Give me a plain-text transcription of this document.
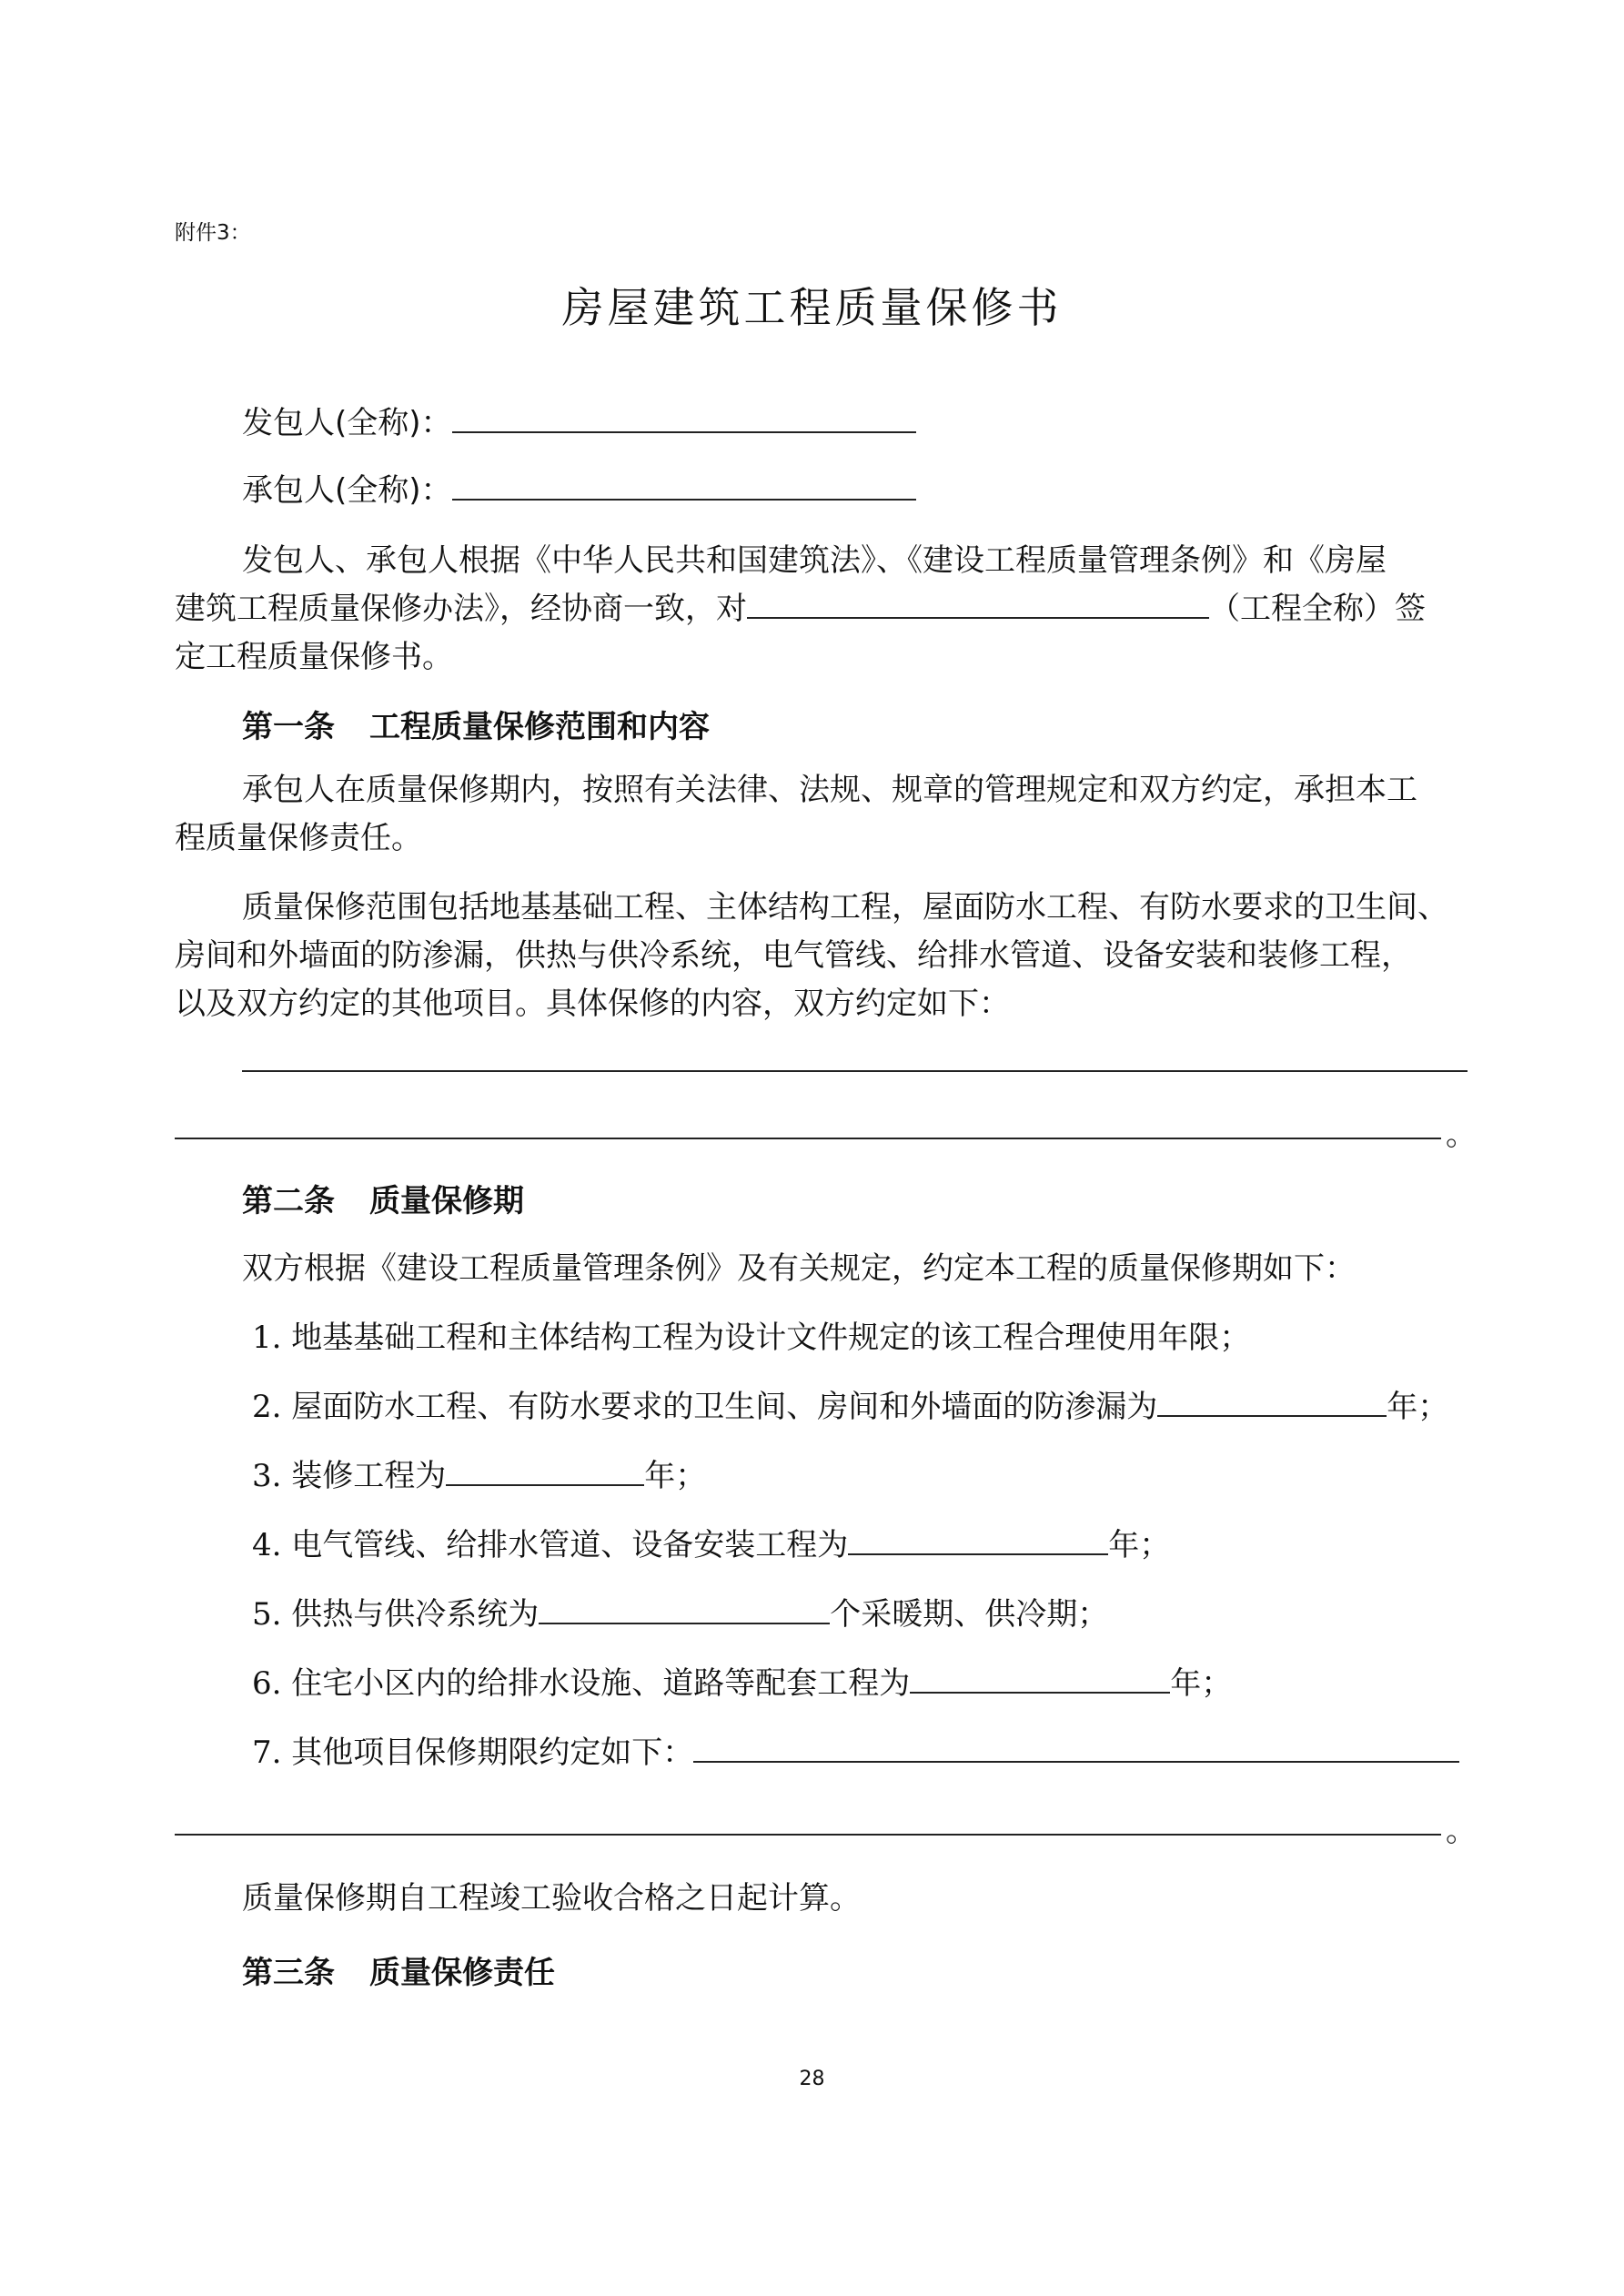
附件3：
房屋建筑工程质量保修书
发包人(全称)：
承包人(全称)：
发包人、承包人根据《中华人民共和国建筑法》、《建设工程质量管理条例》和《房屋
建筑工程质量保修办法》，经协商一致，对	（工程全称）签
定工程质量保修书。
第一条 工程质量保修范围和内容
承包人在质量保修期内，按照有关法律、法规、规章的管理规定和双方约定，承担本工
程质量保修责任。
质量保修范围包括地基基础工程、主体结构工程，屋面防水工程、有防水要求的卫生间、
房间和外墙面的防渗漏，供热与供冷系统，电气管线、给排水管道、设备安装和装修工程，
以及双方约定的其他项目。具体保修的内容，双方约定如下：
。
第二条 质量保修期
双方根据《建设工程质量管理条例》及有关规定，约定本工程的质量保修期如下：
1. 地基基础工程和主体结构工程为设计文件规定的该工程合理使用年限；
2. 屋面防水工程、有防水要求的卫生间、房间和外墙面的防渗漏为	年；
3. 装修工程为	年；
4. 电气管线、给排水管道、设备安装工程为	年；
5. 供热与供冷系统为	个采暖期、供冷期；
6. 住宅小区内的给排水设施、道路等配套工程为	年；
7. 其他项目保修期限约定如下：
。
质量保修期自工程竣工验收合格之日起计算。
第三条 质量保修责任
28
